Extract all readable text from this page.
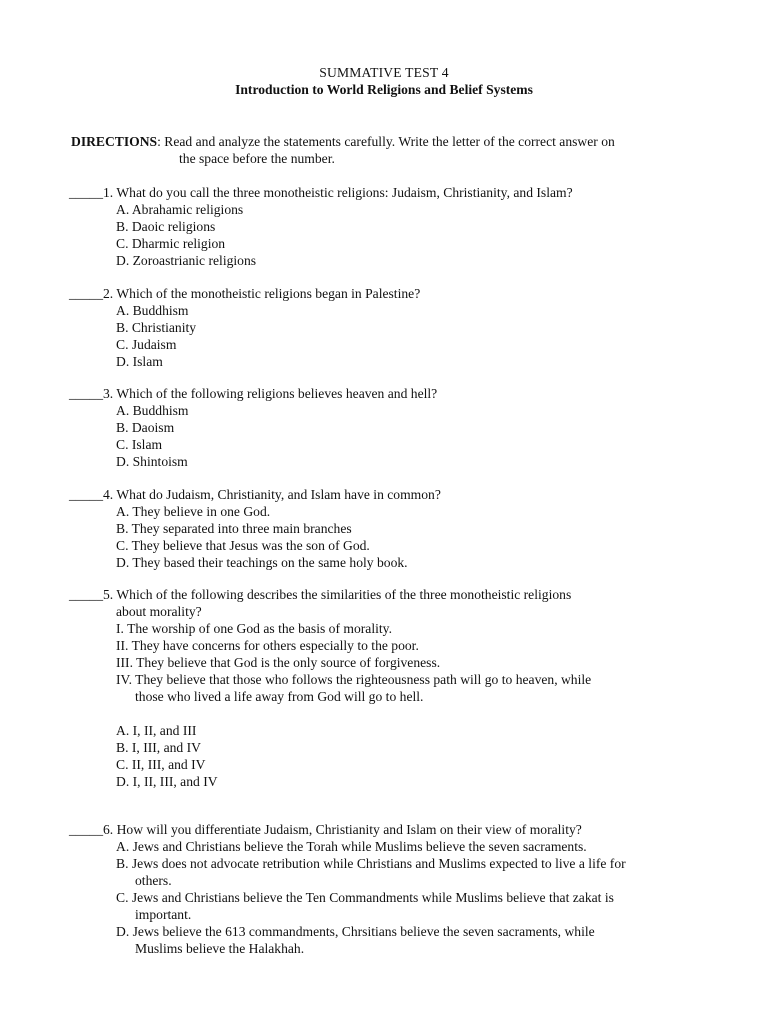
SUMMATIVE TEST 4
Introduction to World Religions and Belief Systems
DIRECTIONS: Read and analyze the statements carefully. Write the letter of the correct answer on
the space before the number.
_____1. What do you call the three monotheistic religions: Judaism, Christianity, and Islam?
A. Abrahamic religions
B. Daoic religions
C. Dharmic religion
D. Zoroastrianic religions
_____2. Which of the monotheistic religions began in Palestine?
A. Buddhism
B. Christianity
C. Judaism
D. Islam
_____3. Which of the following religions believes heaven and hell?
A. Buddhism
B. Daoism
C. Islam
D. Shintoism
_____4. What do Judaism, Christianity, and Islam have in common?
A. They believe in one God.
B. They separated into three main branches
C. They believe that Jesus was the son of God.
D. They based their teachings on the same holy book.
_____5. Which of the following describes the similarities of the three monotheistic religions
about morality?
I. The worship of one God as the basis of morality.
II. They have concerns for others especially to the poor.
III. They believe that God is the only source of forgiveness.
IV. They believe that those who follows the righteousness path will go to heaven, while
those who lived a life away from God will go to hell.
A. I, II, and III
B. I, III, and IV
C. II, III, and IV
D. I, II, III, and IV
_____6. How will you differentiate Judaism, Christianity and Islam on their view of morality?
A. Jews and Christians believe the Torah while Muslims believe the seven sacraments.
B. Jews does not advocate retribution while Christians and Muslims expected to live a life for
others.
C. Jews and Christians believe the Ten Commandments while Muslims believe that zakat is
important.
D. Jews believe the 613 commandments, Chrsitians believe the seven sacraments, while
Muslims believe the Halakhah.
